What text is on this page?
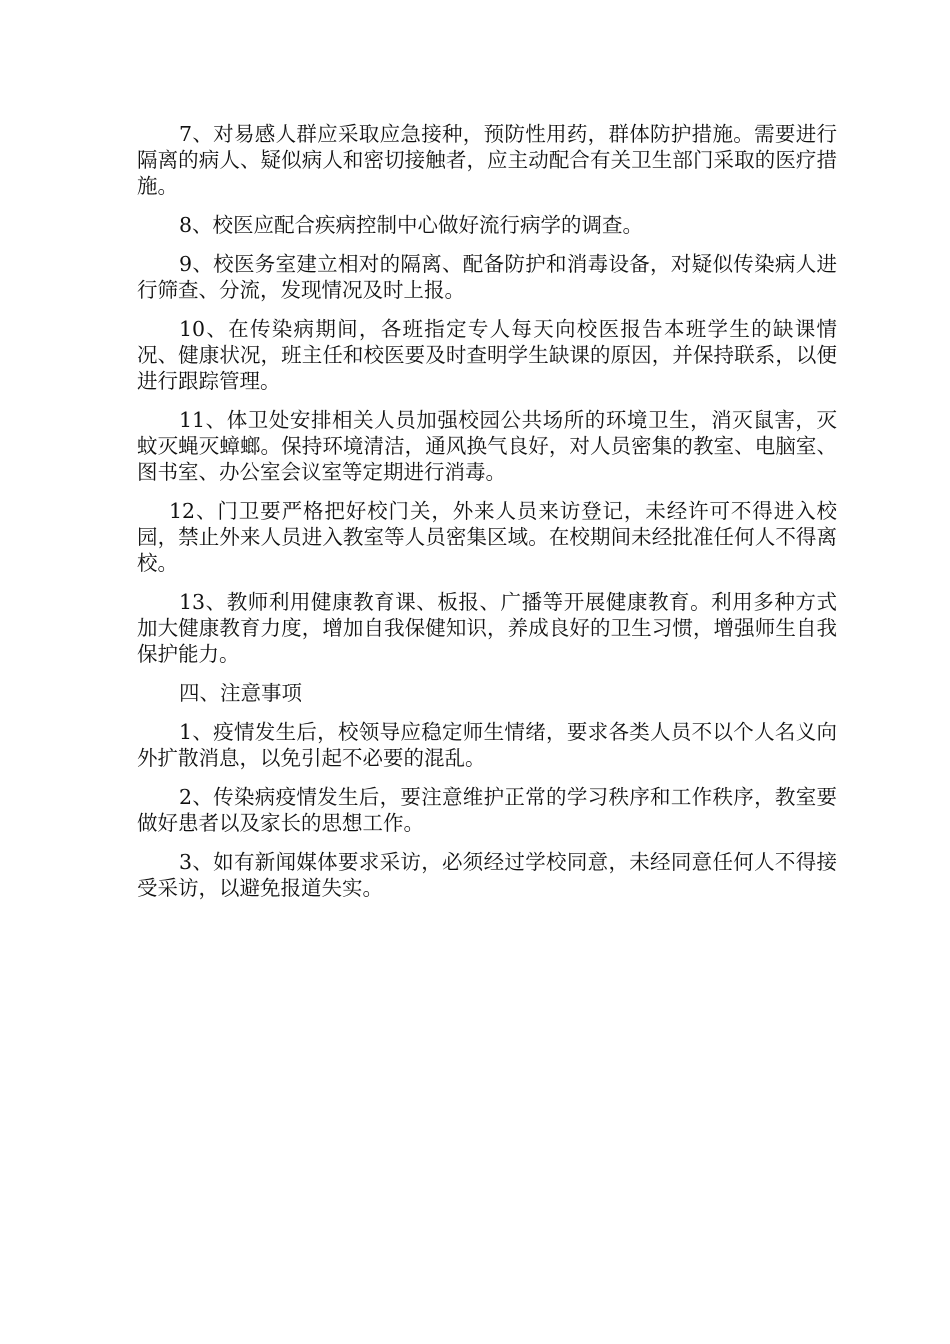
7、对易感人群应采取应急接种，预防性用药，群体防护措施。需要进行隔离的病人、疑似病人和密切接触者，应主动配合有关卫生部门采取的医疗措施。

8、校医应配合疾病控制中心做好流行病学的调查。

9、校医务室建立相对的隔离、配备防护和消毒设备，对疑似传染病人进行筛查、分流，发现情况及时上报。

10、在传染病期间，各班指定专人每天向校医报告本班学生的缺课情况、健康状况，班主任和校医要及时查明学生缺课的原因，并保持联系，以便进行跟踪管理。

11、体卫处安排相关人员加强校园公共场所的环境卫生，消灭鼠害，灭蚊灭蝇灭蟑螂。保持环境清洁，通风换气良好，对人员密集的教室、电脑室、图书室、办公室会议室等定期进行消毒。

12、门卫要严格把好校门关，外来人员来访登记，未经许可不得进入校园，禁止外来人员进入教室等人员密集区域。在校期间未经批准任何人不得离校。

13、教师利用健康教育课、板报、广播等开展健康教育。利用多种方式加大健康教育力度，增加自我保健知识，养成良好的卫生习惯，增强师生自我保护能力。

四、注意事项

1、疫情发生后，校领导应稳定师生情绪，要求各类人员不以个人名义向外扩散消息，以免引起不必要的混乱。

2、传染病疫情发生后，要注意维护正常的学习秩序和工作秩序，教室要做好患者以及家长的思想工作。

3、如有新闻媒体要求采访，必须经过学校同意，未经同意任何人不得接受采访，以避免报道失实。
